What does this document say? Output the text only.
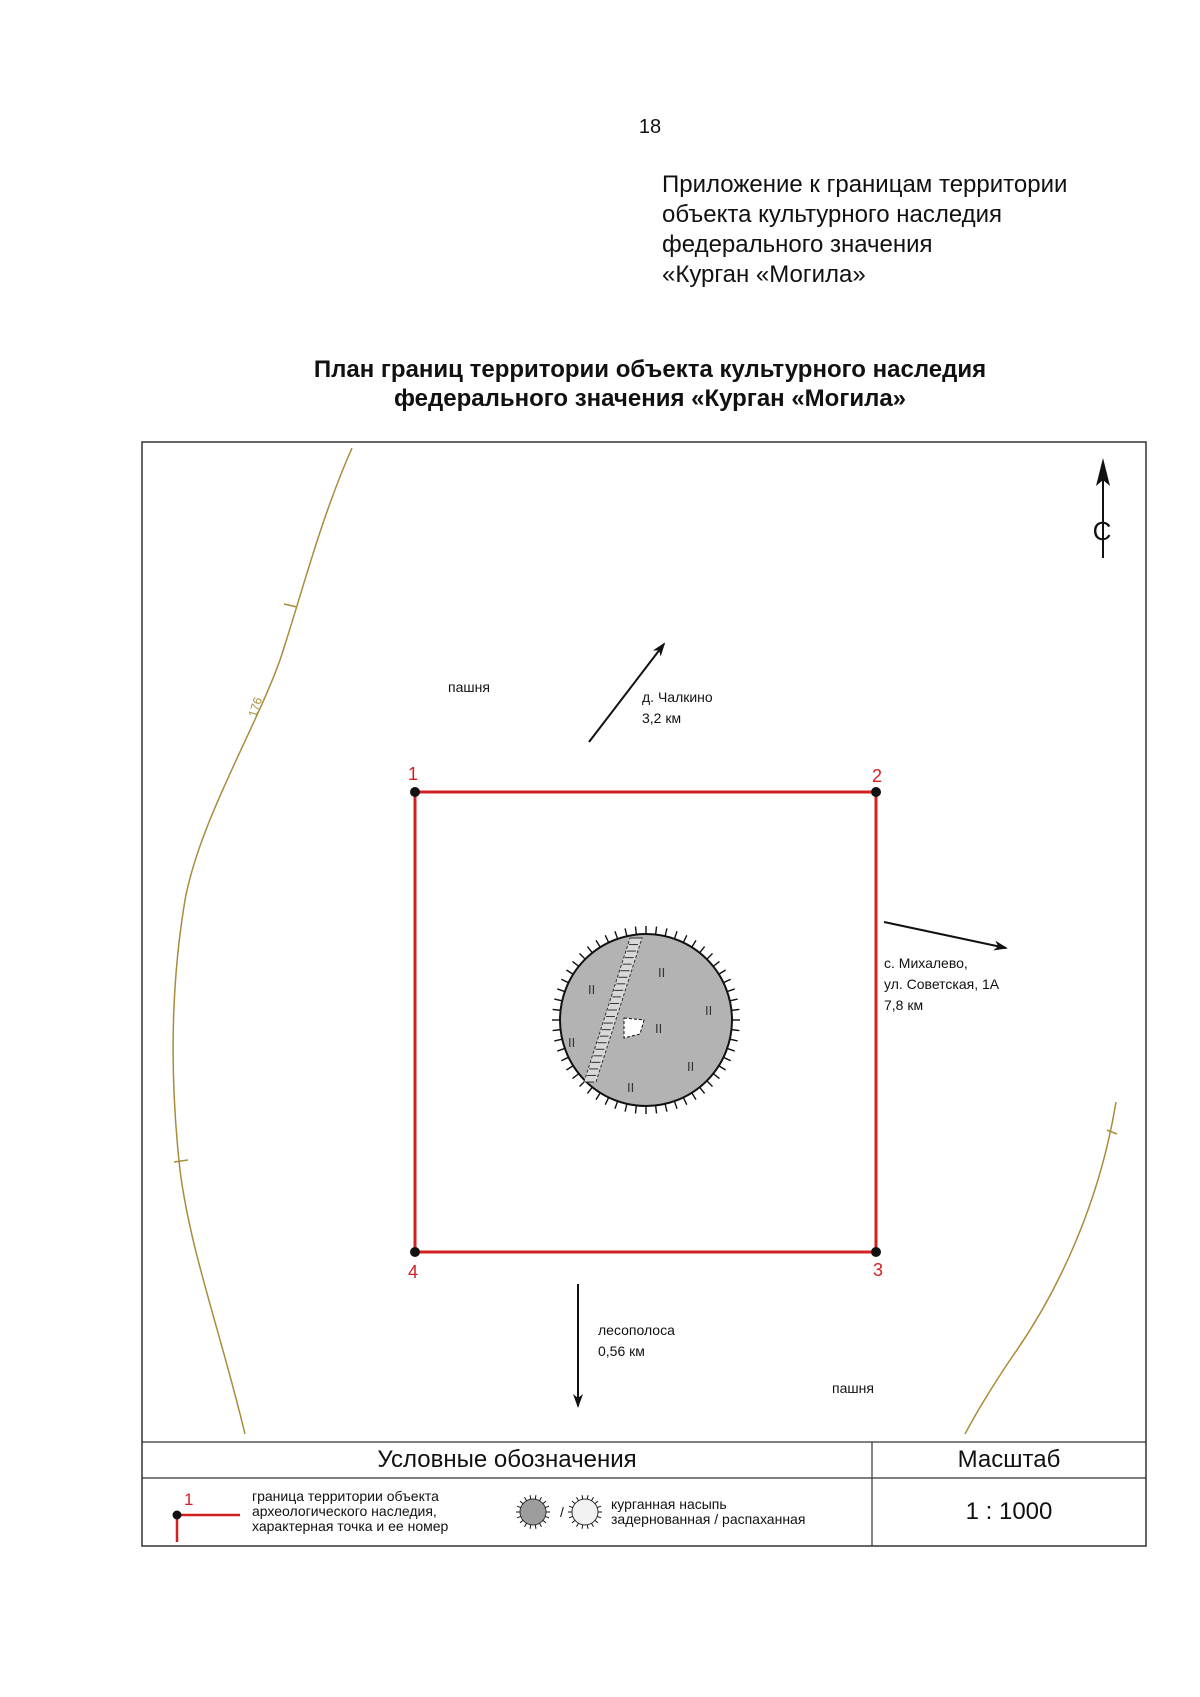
18
Приложение к границам территории
объекта культурного наследия
федерального значения
«Курган «Могила»
План границ территории объекта культурного наследия
федерального значения «Курган «Могила»
176
С
пашня
пашня
д. Чалкино
3,2 км
с. Михалево,
ул. Советская, 1А
7,8 км
лесополоса
0,56 км
1	2
3
4
II
II
II
II
II
II
II
1
/
Условные обозначения	Масштаб
1 : 1000
граница территории объекта
археологического наследия,
характерная точка и ее номер
курганная насыпь
задернованная / распаханная
